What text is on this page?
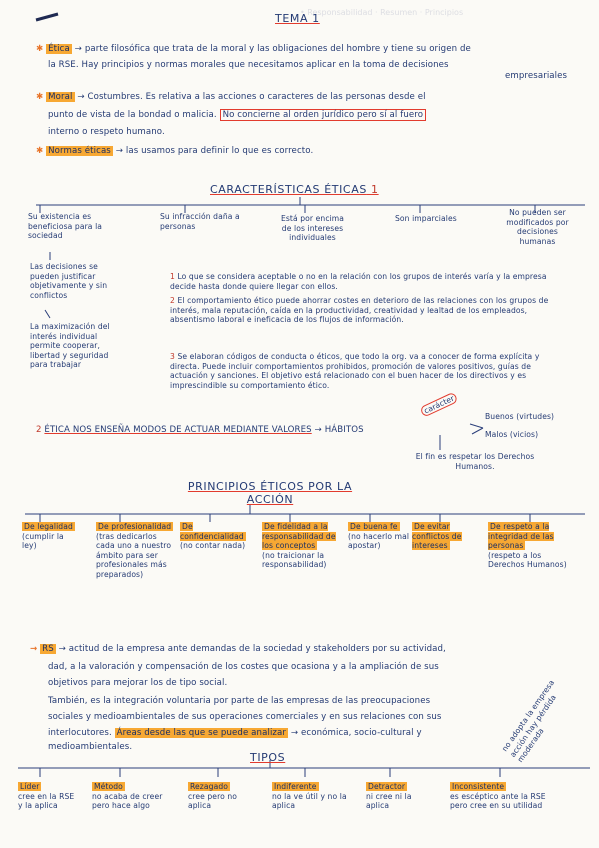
• Responsabilidad · Resumen · Principios
TEMA 1
✱ Ética → parte filosófica que trata de la moral y las obligaciones del hombre y tiene su origen de
la RSE. Hay principios y normas morales que necesitamos aplicar en la toma de decisiones
empresariales
✱ Moral → Costumbres. Es relativa a las acciones o caracteres de las personas desde el
punto de vista de la bondad o malicia. No concierne al orden jurídico pero sí al fuero
interno o respeto humano.
✱ Normas éticas → las usamos para definir lo que es correcto.
CARACTERÍSTICAS ÉTICAS 1
Su existencia es beneficiosa para la sociedad
Su infracción daña a personas
Está por encima de los intereses individuales
Son imparciales
No pueden ser modificados por decisiones humanas
Las decisiones se pueden justificar objetivamente y sin conflictos
La maximización del interés individual permite cooperar, libertad y seguridad para trabajar
1 Lo que se considera aceptable o no en la relación con los grupos de interés varía y la empresa decide hasta donde quiere llegar con ellos.
2 El comportamiento ético puede ahorrar costes en deterioro de las relaciones con los grupos de interés, mala reputación, caída en la productividad, creatividad y lealtad de los empleados, absentismo laboral e ineficacia de los flujos de información.
3 Se elaboran códigos de conducta o éticos, que todo la org. va a conocer de forma explícita y directa. Puede incluir comportamientos prohibidos, promoción de valores positivos, guías de actuación y sanciones. El objetivo está relacionado con el buen hacer de los directivos y es imprescindible su comportamiento ético.
carácter
2 ÉTICA NOS ENSEÑA MODOS DE ACTUAR MEDIANTE VALORES → HÁBITOS
Buenos (virtudes)
Malos (vicios)
El fin es respetar los Derechos Humanos.
PRINCIPIOS ÉTICOS POR LA
ACCIÓN
De legalidad
(cumplir la ley)
De profesionalidad
(tras dedicarlos cada uno a nuestro ámbito para ser profesionales más preparados)
De confidencialidad
(no contar nada)
De fidelidad a la responsabilidad de los conceptos
(no traicionar la responsabilidad)
De buena fe
(no hacerlo mal apostar)
De evitar conflictos de intereses

De respeto a la integridad de las personas
(respeto a los Derechos Humanos)
→ RS → actitud de la empresa ante demandas de la sociedad y stakeholders por su actividad,
dad, a la valoración y compensación de los costes que ocasiona y a la ampliación de sus
objetivos para mejorar los de tipo social.
También, es la integración voluntaria por parte de las empresas de las preocupaciones
sociales y medioambientales de sus operaciones comerciales y en sus relaciones con sus
interlocutores. Áreas desde las que se puede analizar → económica, socio-cultural y
medioambientales.
TIPOS
no adopta la empresa acción hay pérdida moderada
Líder
cree en la RSE y la aplica
Método
no acaba de creer pero hace algo
Rezagado
cree pero no aplica
Indiferente
no la ve útil y no la aplica
Detractor
ni cree ni la aplica
Inconsistente
es escéptico ante la RSE pero cree en su utilidad
